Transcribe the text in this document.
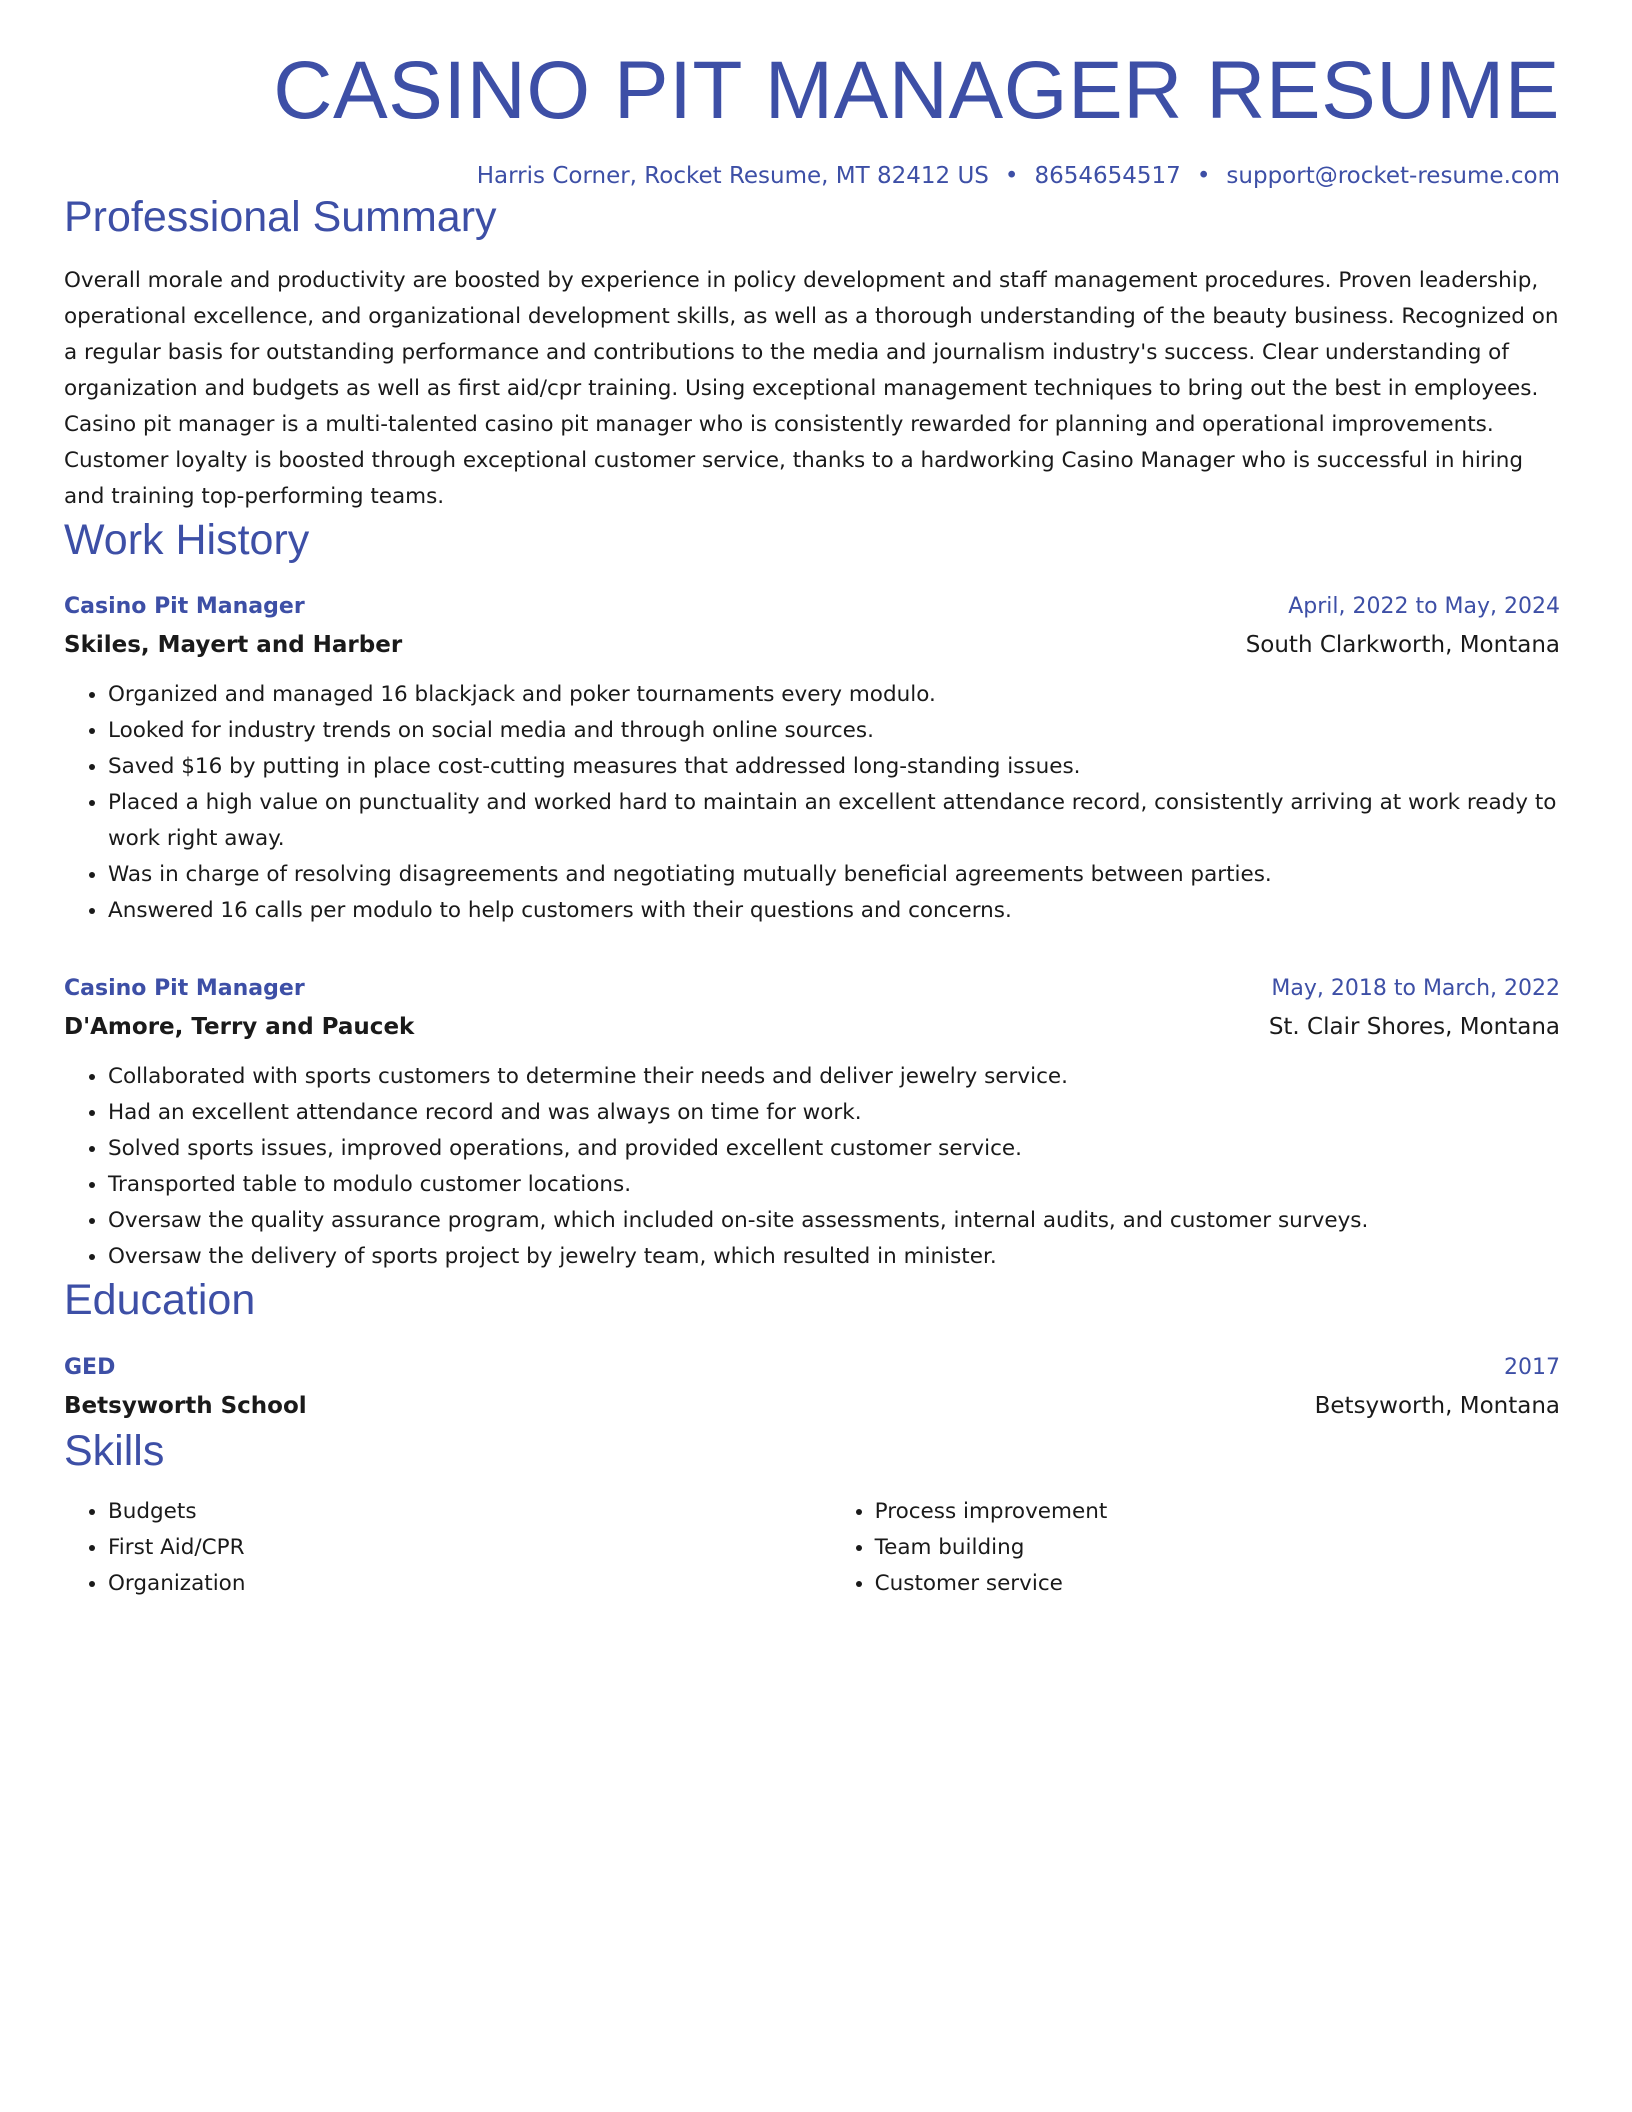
CASINO PIT MANAGER RESUME
Harris Corner, Rocket Resume, MT 82412 US • 8654654517 • support@rocket-resume.com
Professional Summary
Overall morale and productivity are boosted by experience in policy development and staff management procedures. Proven leadership, operational excellence, and organizational development skills, as well as a thorough understanding of the beauty business. Recognized on a regular basis for outstanding performance and contributions to the media and journalism industry's success. Clear understanding of organization and budgets as well as first aid/cpr training. Using exceptional management techniques to bring out the best in employees. Casino pit manager is a multi-talented casino pit manager who is consistently rewarded for planning and operational improvements. Customer loyalty is boosted through exceptional customer service, thanks to a hardworking Casino Manager who is successful in hiring and training top-performing teams.
Work History
Casino Pit Manager	April, 2022 to May, 2024
Skiles, Mayert and Harber	South Clarkworth, Montana
• Organized and managed 16 blackjack and poker tournaments every modulo.
• Looked for industry trends on social media and through online sources.
• Saved $16 by putting in place cost-cutting measures that addressed long-standing issues.
• Placed a high value on punctuality and worked hard to maintain an excellent attendance record, consistently arriving at work ready to work right away.
• Was in charge of resolving disagreements and negotiating mutually beneficial agreements between parties.
• Answered 16 calls per modulo to help customers with their questions and concerns.
Casino Pit Manager	May, 2018 to March, 2022
D'Amore, Terry and Paucek	St. Clair Shores, Montana
• Collaborated with sports customers to determine their needs and deliver jewelry service.
• Had an excellent attendance record and was always on time for work.
• Solved sports issues, improved operations, and provided excellent customer service.
• Transported table to modulo customer locations.
• Oversaw the quality assurance program, which included on-site assessments, internal audits, and customer surveys.
• Oversaw the delivery of sports project by jewelry team, which resulted in minister.
Education
GED	2017
Betsyworth School	Betsyworth, Montana
Skills
• Budgets
• First Aid/CPR
• Organization
• Process improvement
• Team building
• Customer service
